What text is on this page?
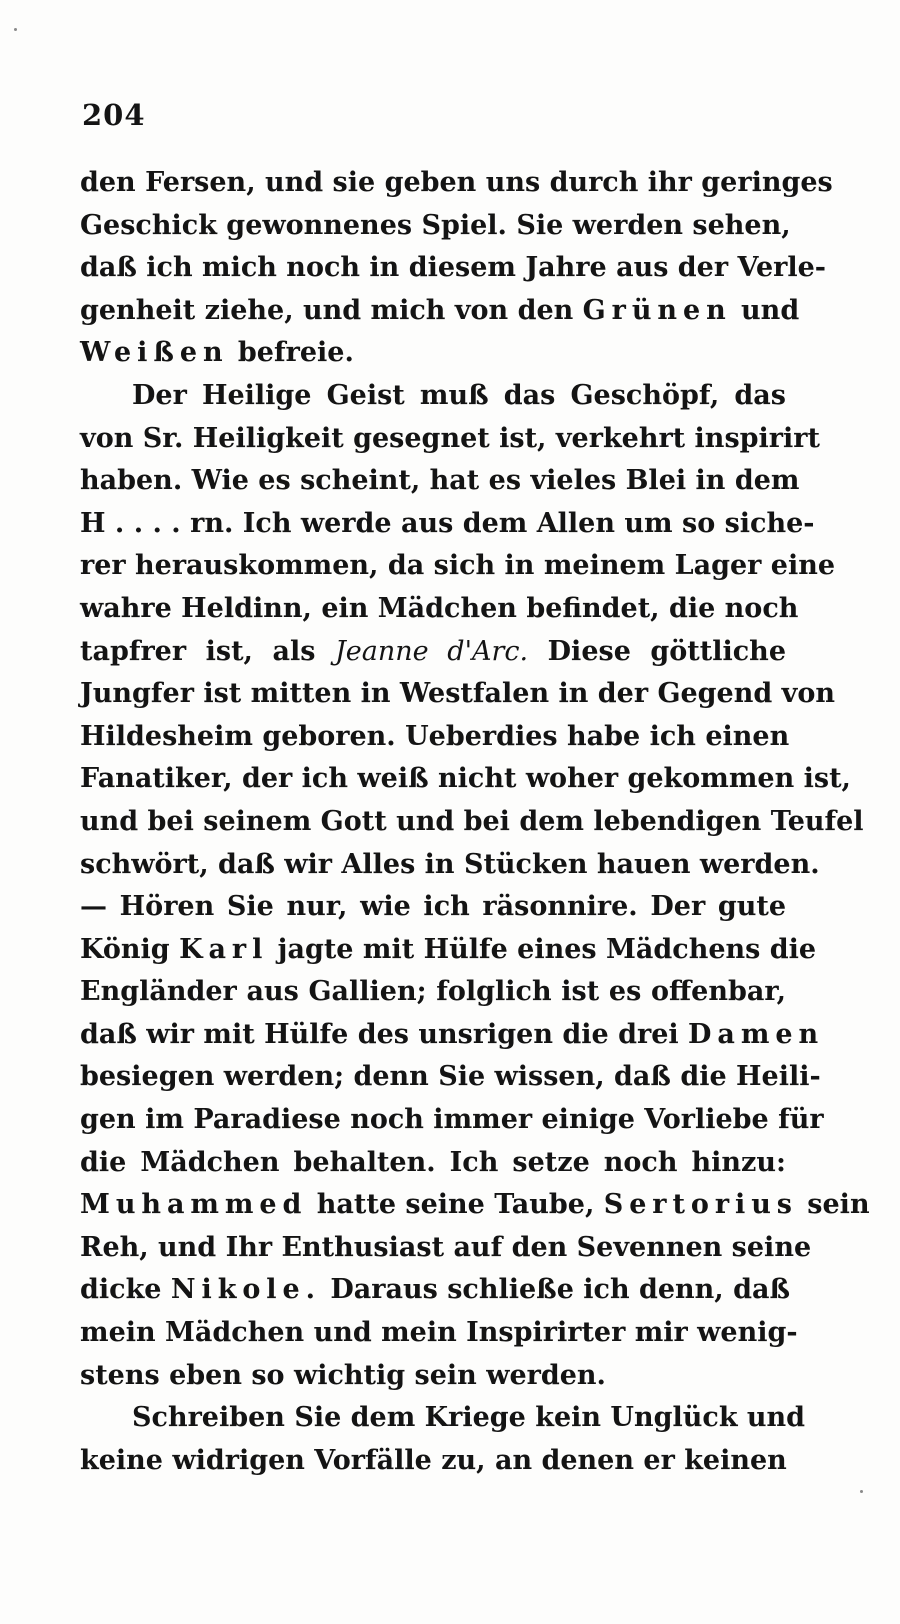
204
den Fersen, und sie geben uns durch ihr geringes
Geschick gewonnenes Spiel. Sie werden sehen,
daß ich mich noch in diesem Jahre aus der Verle-
genheit ziehe, und mich von den Grünen und
Weißen befreie.
Der Heilige Geist muß das Geschöpf, das
von Sr. Heiligkeit gesegnet ist, verkehrt inspirirt
haben. Wie es scheint, hat es vieles Blei in dem
H . . . . rn. Ich werde aus dem Allen um so siche-
rer herauskommen, da sich in meinem Lager eine
wahre Heldinn, ein Mädchen befindet, die noch
tapfrer ist, als Jeanne d'Arc. Diese göttliche
Jungfer ist mitten in Westfalen in der Gegend von
Hildesheim geboren. Ueberdies habe ich einen
Fanatiker, der ich weiß nicht woher gekommen ist,
und bei seinem Gott und bei dem lebendigen Teufel
schwört, daß wir Alles in Stücken hauen werden.
— Hören Sie nur, wie ich räsonnire. Der gute
König Karl jagte mit Hülfe eines Mädchens die
Engländer aus Gallien; folglich ist es offenbar,
daß wir mit Hülfe des unsrigen die drei Damen
besiegen werden; denn Sie wissen, daß die Heili-
gen im Paradiese noch immer einige Vorliebe für
die Mädchen behalten. Ich setze noch hinzu:
Muhammed hatte seine Taube, Sertorius sein
Reh, und Ihr Enthusiast auf den Sevennen seine
dicke Nikole. Daraus schließe ich denn, daß
mein Mädchen und mein Inspirirter mir wenig-
stens eben so wichtig sein werden.
Schreiben Sie dem Kriege kein Unglück und
keine widrigen Vorfälle zu, an denen er keinen
